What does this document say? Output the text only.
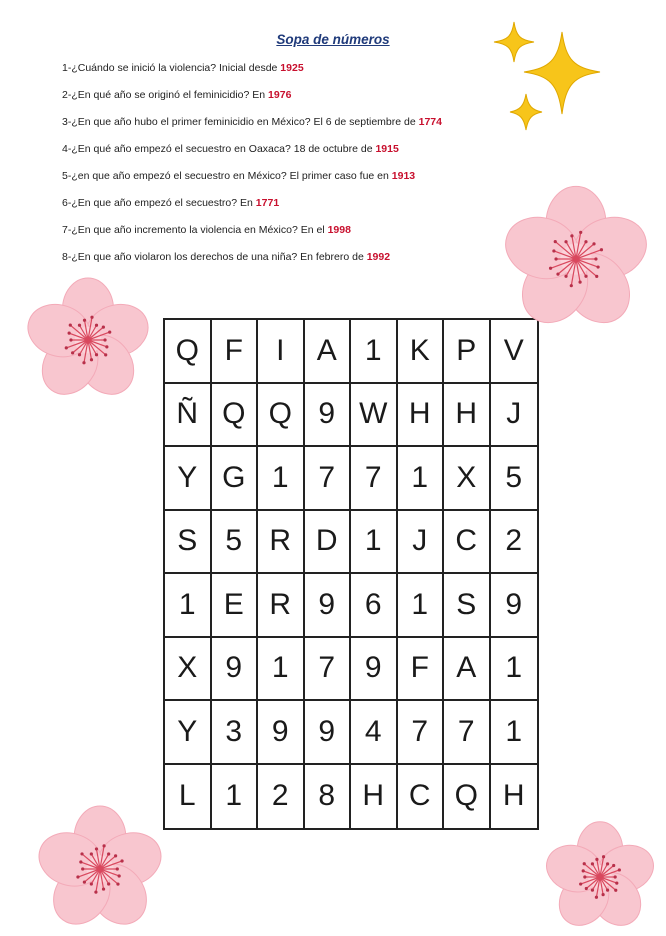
Sopa de números
1-¿Cuándo se inició la violencia? Inicial desde 1925
2-¿En qué año se originó el feminicidio? En 1976
3-¿En que año hubo el primer feminicidio en México? El 6 de septiembre de 1774
4-¿En qué año empezó el secuestro en Oaxaca? 18 de octubre de 1915
5-¿en que año empezó el secuestro en México? El primer caso fue en 1913
6-¿En que año empezó el secuestro? En 1771
7-¿En que año incremento la violencia en México? En el 1998
8-¿En que año violaron los derechos de una niña? En febrero de 1992
Q F	I	A 1 K P V
Ñ Q Q 9 W H H J
Y G 1 7 7 1 X 5
S 5 R D 1	J C 2
1 E R 9 6 1 S 9
X 9 1 7 9 F A 1
Y 3 9 9 4 7 7	1
L 1 2 8 H C Q H
